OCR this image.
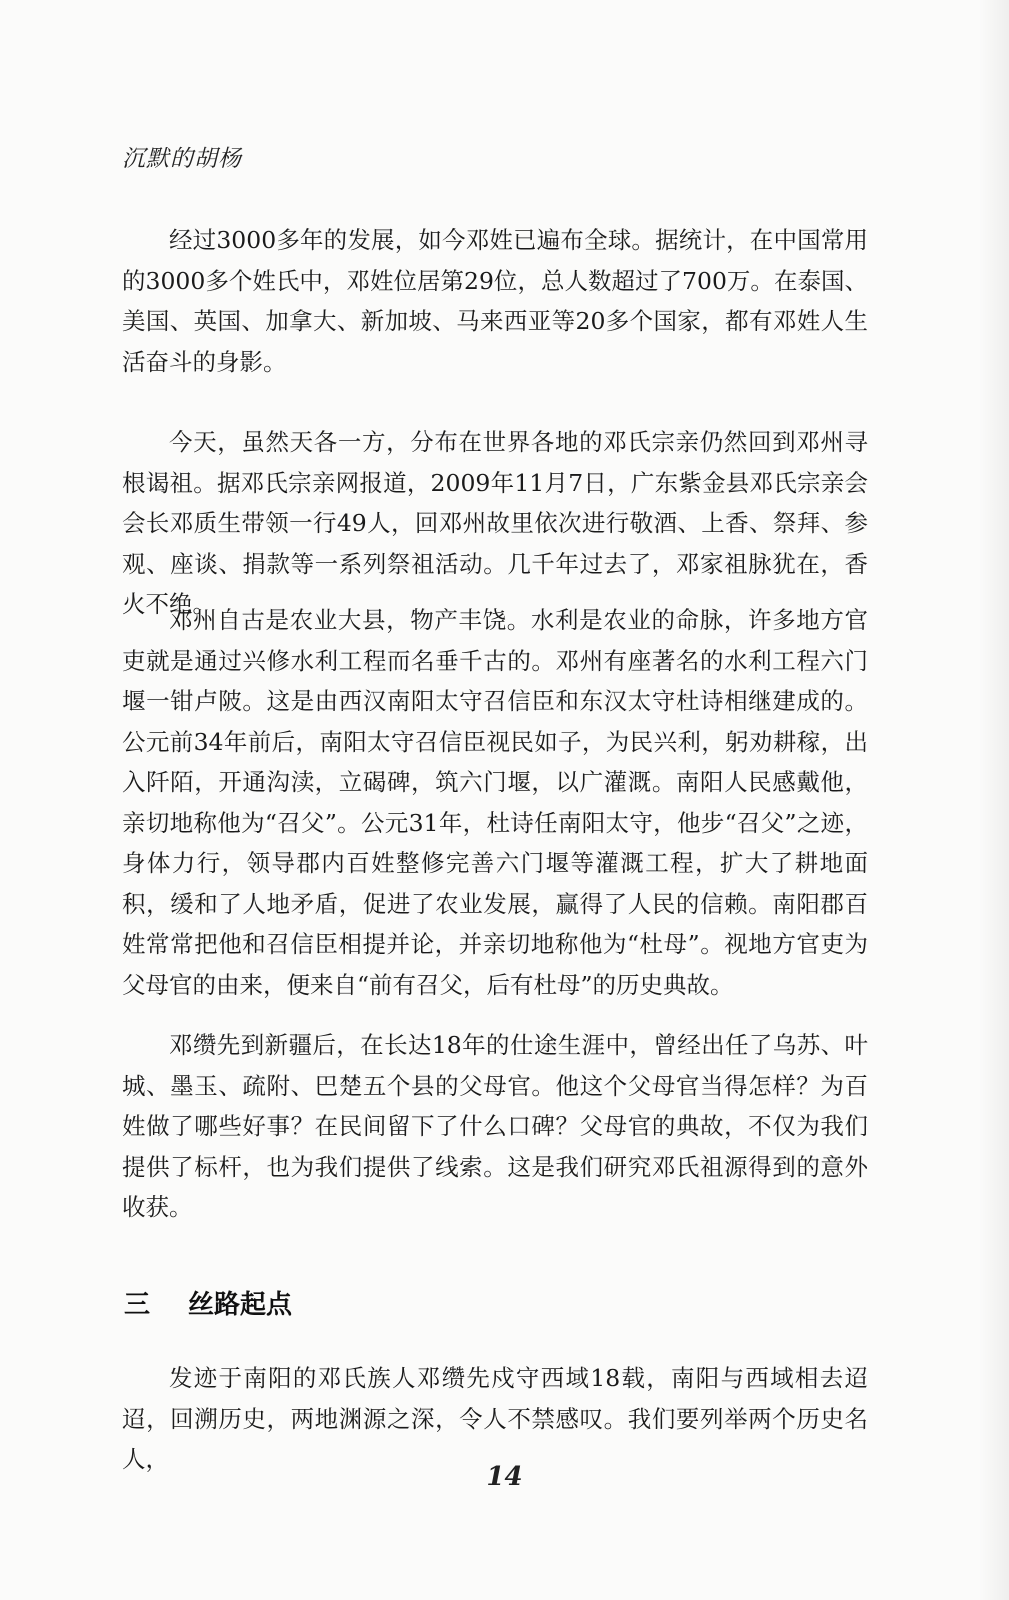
沉默的胡杨

经过3000多年的发展，如今邓姓已遍布全球。据统计，在中国常用的3000多个姓氏中，邓姓位居第29位，总人数超过了700万。在泰国、美国、英国、加拿大、新加坡、马来西亚等20多个国家，都有邓姓人生活奋斗的身影。

今天，虽然天各一方，分布在世界各地的邓氏宗亲仍然回到邓州寻根谒祖。据邓氏宗亲网报道，2009年11月7日，广东紫金县邓氏宗亲会会长邓质生带领一行49人，回邓州故里依次进行敬酒、上香、祭拜、参观、座谈、捐款等一系列祭祖活动。几千年过去了，邓家祖脉犹在，香火不绝。

邓州自古是农业大县，物产丰饶。水利是农业的命脉，许多地方官吏就是通过兴修水利工程而名垂千古的。邓州有座著名的水利工程六门堰一钳卢陂。这是由西汉南阳太守召信臣和东汉太守杜诗相继建成的。公元前34年前后，南阳太守召信臣视民如子，为民兴利，躬劝耕稼，出入阡陌，开通沟渎，立碣碑，筑六门堰，以广灌溉。南阳人民感戴他，亲切地称他为“召父”。公元31年，杜诗任南阳太守，他步“召父”之迹，身体力行，领导郡内百姓整修完善六门堰等灌溉工程，扩大了耕地面积，缓和了人地矛盾，促进了农业发展，赢得了人民的信赖。南阳郡百姓常常把他和召信臣相提并论，并亲切地称他为“杜母”。视地方官吏为父母官的由来，便来自“前有召父，后有杜母”的历史典故。

邓缵先到新疆后，在长达18年的仕途生涯中，曾经出任了乌苏、叶城、墨玉、疏附、巴楚五个县的父母官。他这个父母官当得怎样？为百姓做了哪些好事？在民间留下了什么口碑？父母官的典故，不仅为我们提供了标杆，也为我们提供了线索。这是我们研究邓氏祖源得到的意外收获。

三 丝路起点

发迹于南阳的邓氏族人邓缵先戍守西域18载，南阳与西域相去迢迢，回溯历史，两地渊源之深，令人不禁感叹。我们要列举两个历史名人，

14
